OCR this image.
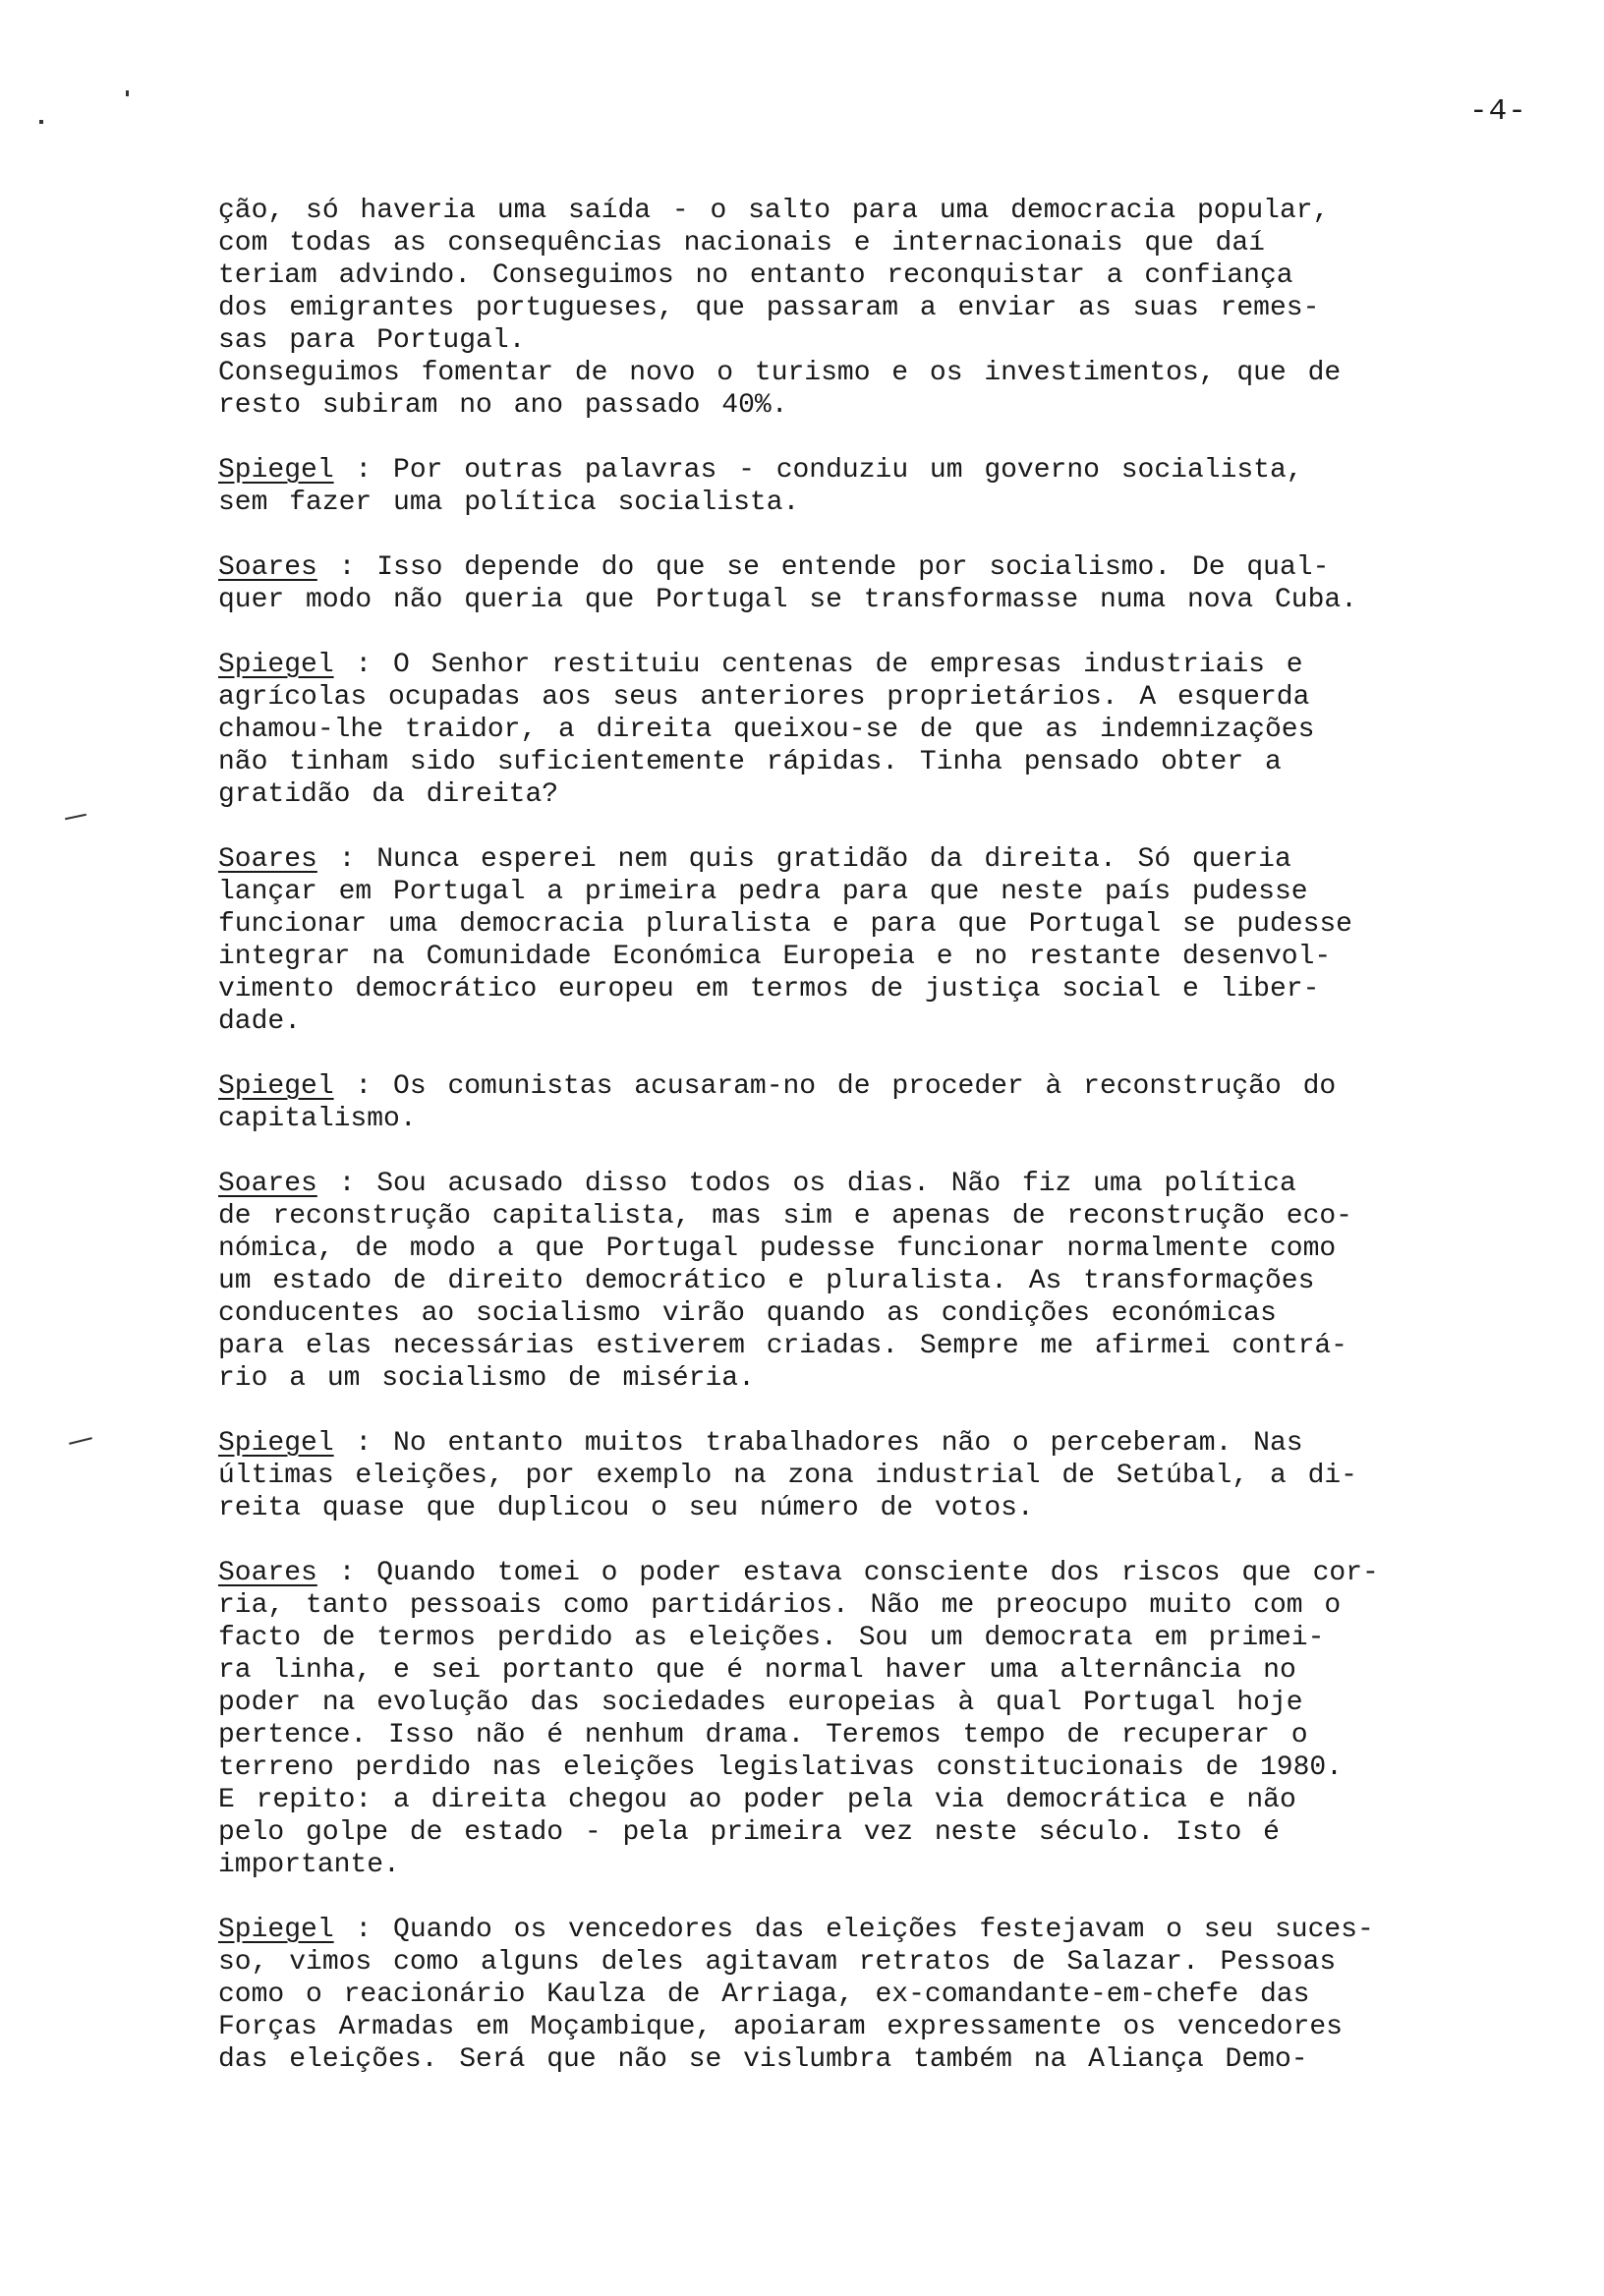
-4-
ção, só haveria uma saída - o salto para uma democracia popular,
com todas as consequências nacionais e internacionais que daí
teriam advindo. Conseguimos no entanto reconquistar a confiança
dos emigrantes portugueses, que passaram a enviar as suas remes-
sas para Portugal.
Conseguimos fomentar de novo o turismo e os investimentos, que de
resto subiram no ano passado 40%.
Spiegel : Por outras palavras - conduziu um governo socialista,
sem fazer uma política socialista.
Soares : Isso depende do que se entende por socialismo. De qual-
quer modo não queria que Portugal se transformasse numa nova Cuba.
Spiegel : O Senhor restituiu centenas de empresas industriais e
agrícolas ocupadas aos seus anteriores proprietários. A esquerda
chamou-lhe traidor, a direita queixou-se de que as indemnizações
não tinham sido suficientemente rápidas. Tinha pensado obter a
gratidão da direita?
Soares : Nunca esperei nem quis gratidão da direita. Só queria
lançar em Portugal a primeira pedra para que neste país pudesse
funcionar uma democracia pluralista e para que Portugal se pudesse
integrar na Comunidade Económica Europeia e no restante desenvol-
vimento democrático europeu em termos de justiça social e liber-
dade.
Spiegel : Os comunistas acusaram-no de proceder à reconstrução do
capitalismo.
Soares : Sou acusado disso todos os dias. Não fiz uma política
de reconstrução capitalista, mas sim e apenas de reconstrução eco-
nómica, de modo a que Portugal pudesse funcionar normalmente como
um estado de direito democrático e pluralista. As transformações
conducentes ao socialismo virão quando as condições económicas
para elas necessárias estiverem criadas. Sempre me afirmei contrá-
rio a um socialismo de miséria.
Spiegel : No entanto muitos trabalhadores não o perceberam. Nas
últimas eleições, por exemplo na zona industrial de Setúbal, a di-
reita quase que duplicou o seu número de votos.
Soares : Quando tomei o poder estava consciente dos riscos que cor-
ria, tanto pessoais como partidários. Não me preocupo muito com o
facto de termos perdido as eleições. Sou um democrata em primei-
ra linha, e sei portanto que é normal haver uma alternância no
poder na evolução das sociedades europeias à qual Portugal hoje
pertence. Isso não é nenhum drama. Teremos tempo de recuperar o
terreno perdido nas eleições legislativas constitucionais de 1980.
E repito: a direita chegou ao poder pela via democrática e não
pelo golpe de estado - pela primeira vez neste século. Isto é
importante.
Spiegel : Quando os vencedores das eleições festejavam o seu suces-
so, vimos como alguns deles agitavam retratos de Salazar. Pessoas
como o reacionário Kaulza de Arriaga, ex-comandante-em-chefe das
Forças Armadas em Moçambique, apoiaram expressamente os vencedores
das eleições. Será que não se vislumbra também na Aliança Demo-
